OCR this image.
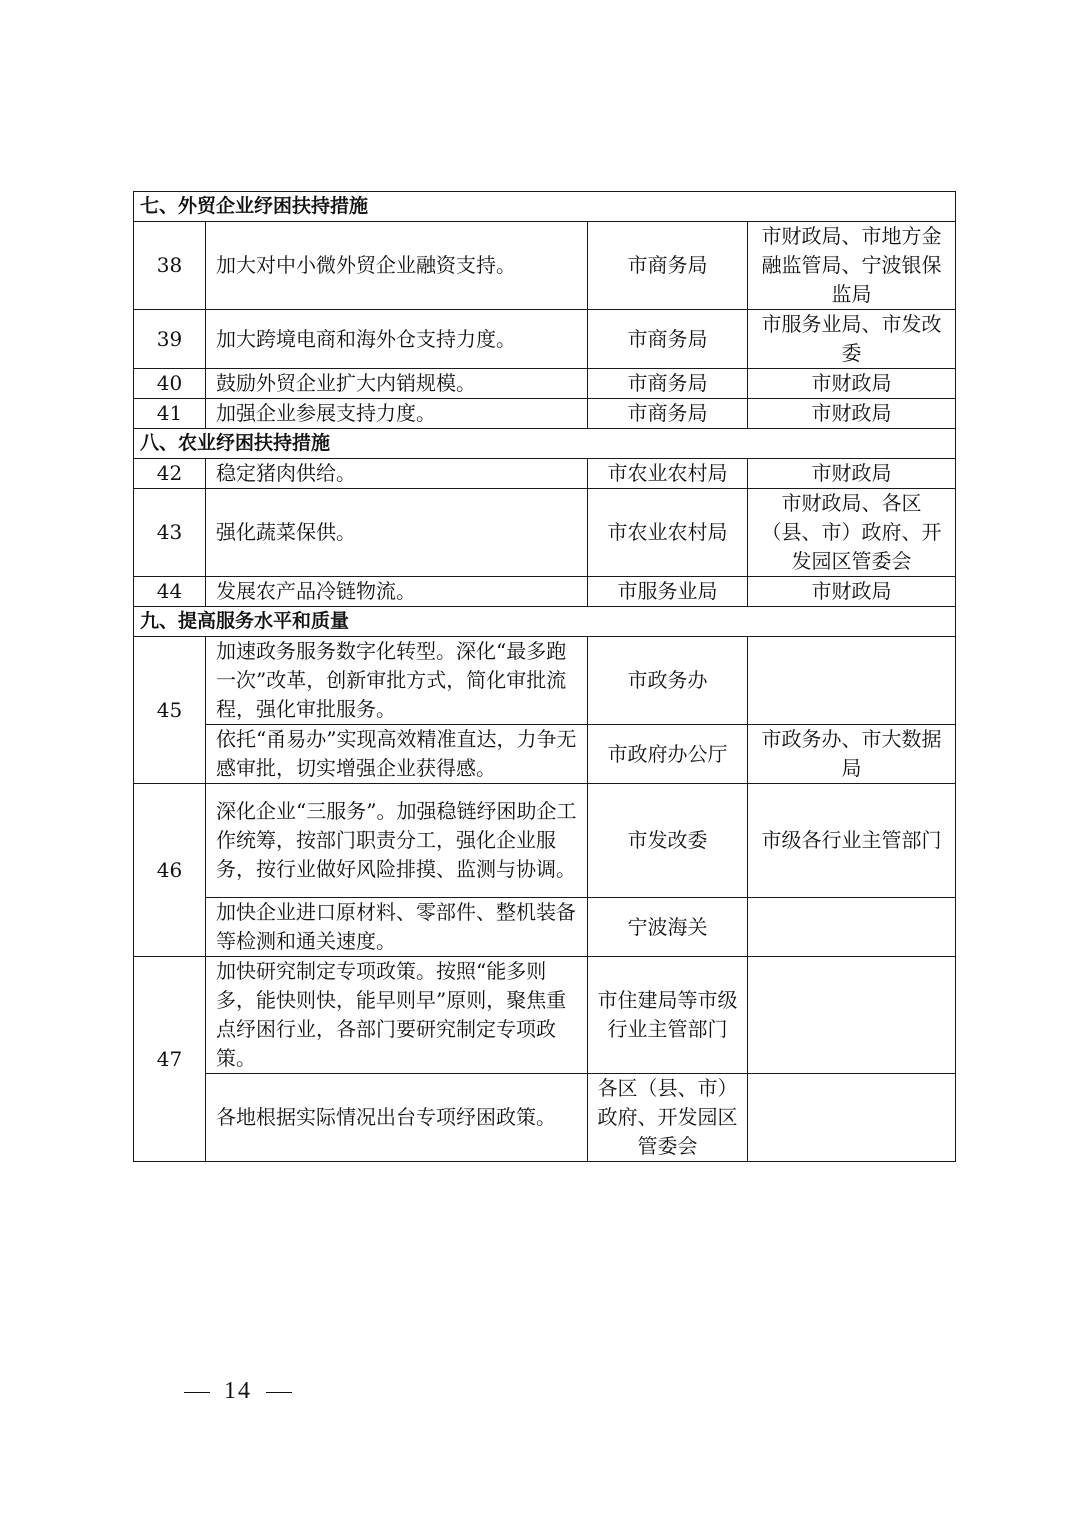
七、外贸企业纾困扶持措施			
38	加大对中小微外贸企业融资支持。	市商务局	市财政局、市地方金融监管局、宁波银保监局
39	加大跨境电商和海外仓支持力度。	市商务局	市服务业局、市发改委
40	鼓励外贸企业扩大内销规模。	市商务局	市财政局
41	加强企业参展支持力度。	市商务局	市财政局
八、农业纾困扶持措施			
42	稳定猪肉供给。	市农业农村局	市财政局
43	强化蔬菜保供。	市农业农村局	市财政局、各区（县、市）政府、开发园区管委会
44	发展农产品冷链物流。	市服务业局	市财政局
九、提高服务水平和质量			
45	加速政务服务数字化转型。深化“最多跑一次”改革，创新审批方式，简化审批流程，强化审批服务。	市政务办	
	依托“甬易办”实现高效精准直达，力争无感审批，切实增强企业获得感。	市政府办公厅	市政务办、市大数据局
46	深化企业“三服务”。加强稳链纾困助企工作统筹，按部门职责分工，强化企业服务，按行业做好风险排摸、监测与协调。	市发改委	市级各行业主管部门
	加快企业进口原材料、零部件、整机装备等检测和通关速度。	宁波海关	
47	加快研究制定专项政策。按照“能多则多，能快则快，能早则早”原则，聚焦重点纾困行业，各部门要研究制定专项政策。	市住建局等市级行业主管部门	
	各地根据实际情况出台专项纾困政策。	各区（县、市）政府、开发园区管委会	
14
